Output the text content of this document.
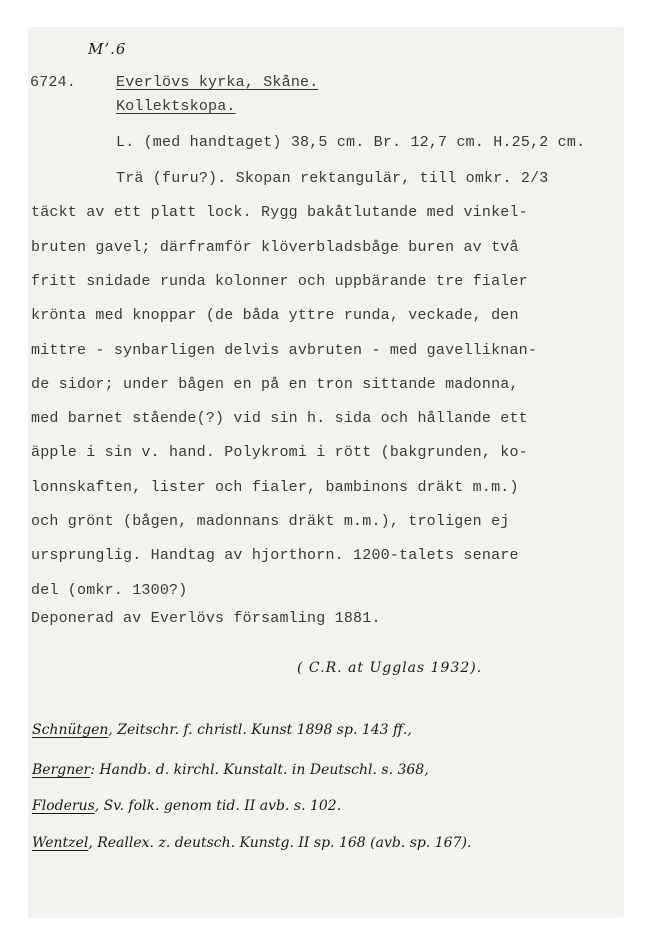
M’.6
6724.	Everlövs kyrka, Skåne.
Kollektskopa.
L. (med handtaget) 38,5 cm. Br. 12,7 cm. H.25,2 cm.
Trä (furu?). Skopan rektangulär, till omkr. 2/3
täckt av ett platt lock. Rygg bakåtlutande med vinkel-
bruten gavel; därframför klöverbladsbåge buren av två
fritt snidade runda kolonner och uppbärande tre fialer
krönta med knoppar (de båda yttre runda, veckade, den
mittre - synbarligen delvis avbruten - med gavelliknan-
de sidor; under bågen en på en tron sittande madonna,
med barnet stående(?) vid sin h. sida och hållande ett
äpple i sin v. hand. Polykromi i rött (bakgrunden, ko-
lonnskaften, lister och fialer, bambinons dräkt m.m.)
och grönt (bågen, madonnans dräkt m.m.), troligen ej
ursprunglig. Handtag av hjorthorn. 1200-talets senare
del (omkr. 1300?)
Deponerad av Everlövs församling 1881.
( C.R. at Ugglas 1932).
Schnütgen, Zeitschr. f. christl. Kunst 1898 sp. 143 ff.,
Bergner: Handb. d. kirchl. Kunstalt. in Deutschl. s. 368,
Floderus, Sv. folk. genom tid. II avb. s. 102.
Wentzel, Reallex. z. deutsch. Kunstg. II sp. 168 (avb. sp. 167).
